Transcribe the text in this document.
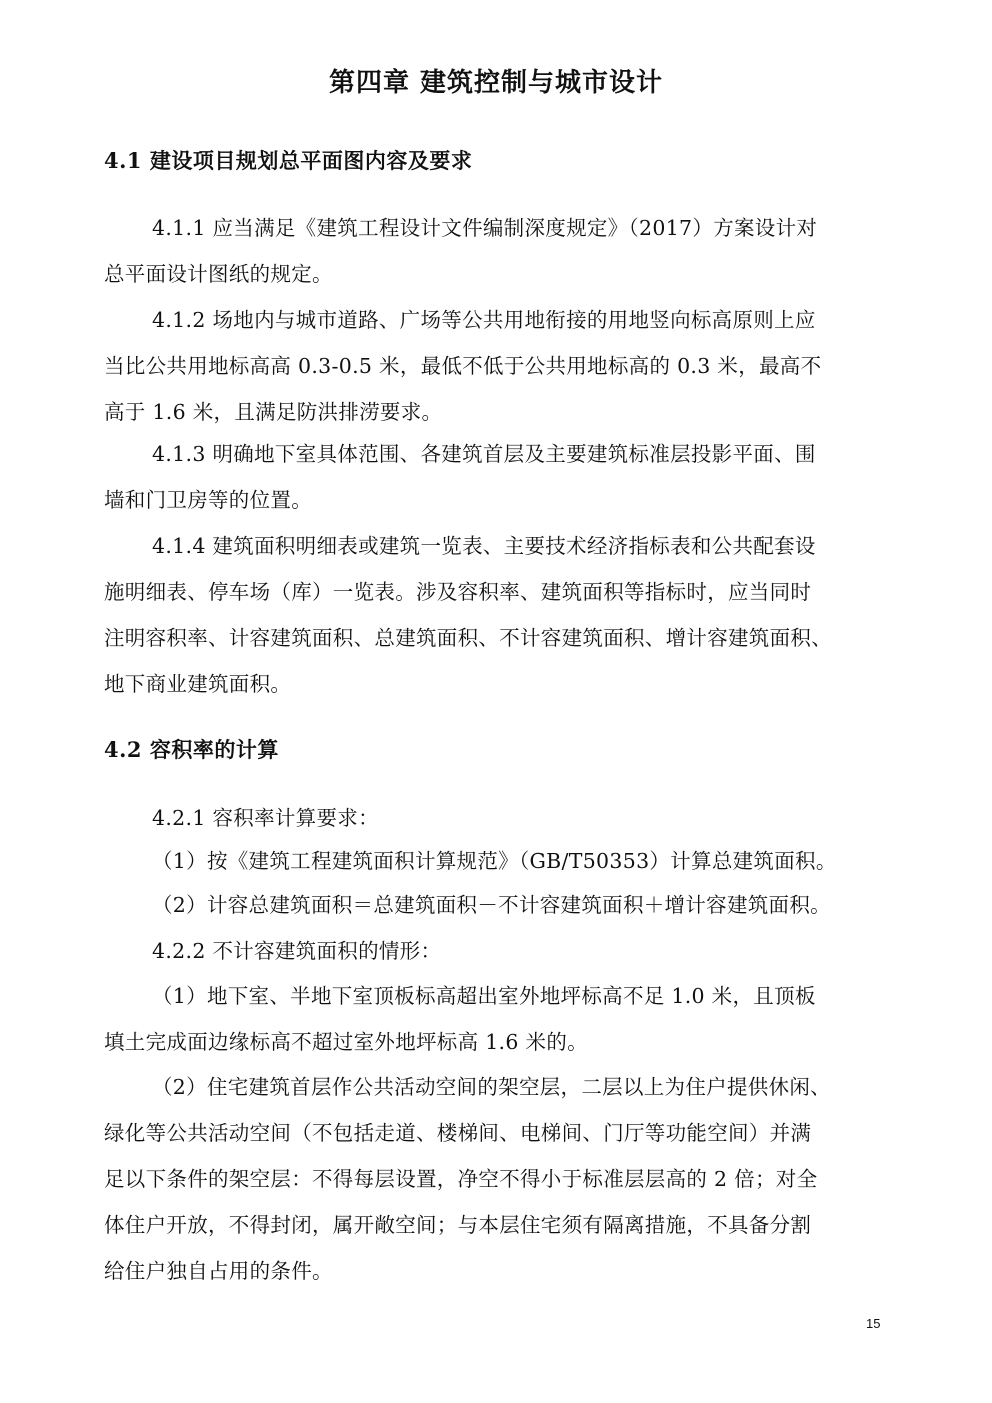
第四章 建筑控制与城市设计
4.1 建设项目规划总平面图内容及要求
4.1.1 应当满足《建筑工程设计文件编制深度规定》（2017）方案设计对
总平面设计图纸的规定。
4.1.2 场地内与城市道路、广场等公共用地衔接的用地竖向标高原则上应
当比公共用地标高高 0.3-0.5 米，最低不低于公共用地标高的 0.3 米，最高不
高于 1.6 米，且满足防洪排涝要求。
4.1.3 明确地下室具体范围、各建筑首层及主要建筑标准层投影平面、围
墙和门卫房等的位置。
4.1.4 建筑面积明细表或建筑一览表、主要技术经济指标表和公共配套设
施明细表、停车场（库）一览表。涉及容积率、建筑面积等指标时，应当同时
注明容积率、计容建筑面积、总建筑面积、不计容建筑面积、增计容建筑面积、
地下商业建筑面积。
4.2 容积率的计算
4.2.1 容积率计算要求：
（1）按《建筑工程建筑面积计算规范》（GB/T50353）计算总建筑面积。
（2）计容总建筑面积＝总建筑面积－不计容建筑面积＋增计容建筑面积。
4.2.2 不计容建筑面积的情形：
（1）地下室、半地下室顶板标高超出室外地坪标高不足 1.0 米，且顶板
填土完成面边缘标高不超过室外地坪标高 1.6 米的。
（2）住宅建筑首层作公共活动空间的架空层，二层以上为住户提供休闲、
绿化等公共活动空间（不包括走道、楼梯间、电梯间、门厅等功能空间）并满
足以下条件的架空层：不得每层设置，净空不得小于标准层层高的 2 倍；对全
体住户开放，不得封闭，属开敞空间；与本层住宅须有隔离措施，不具备分割
给住户独自占用的条件。
15
